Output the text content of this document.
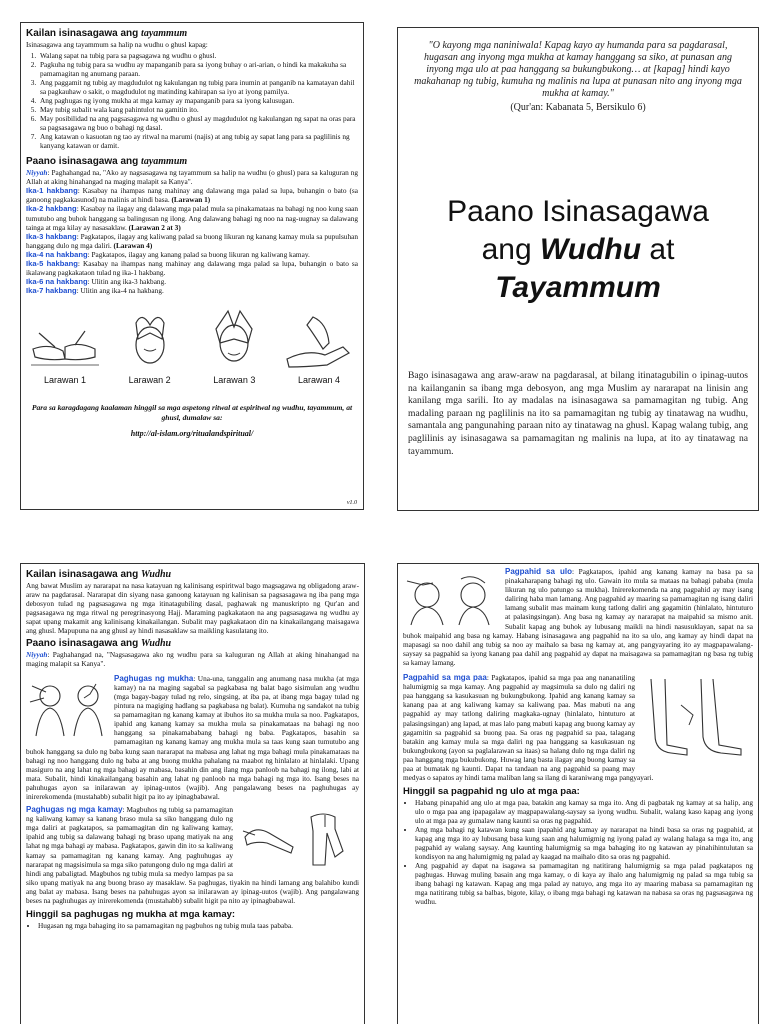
Kailan isinasagawa ang tayammum

Isinasagawa ang tayammum sa halip na wudhu o ghusl kapag:

1. Walang sapat na tubig para sa pagsagawa ng wudhu o ghusl.
2. Pagkuha ng tubig para sa wudhu ay mapanganib para sa iyong buhay o ari-arian, o hindi ka makakuha sa pamamagitan ng anumang paraan.
3. Ang paggamit ng tubig ay magdudulot ng kakulangan ng tubig para inumin at panganib na kamatayan dahil sa pagkauhaw o sakit, o magdudulot ng matinding kahirapan sa iyo at iyong pamilya.
4. Ang paghugas ng iyong mukha at mga kamay ay mapanganib para sa iyong kalusugan.
5. May tubig subalit wala kang pahintulot na gamitin ito.
6. May posibilidad na ang pagsasagawa ng wudhu o ghusl ay magdudulot ng kakulangan ng sapat na oras para sa pagsasagawa ng buo o bahagi ng dasal.
7. Ang katawan o kasuotan ng tao ay ritwal na marumi (najis) at ang tubig ay sapat lang para sa paglilinis ng kanyang katawan or damit.
Paano isinasagawa ang tayammum

Niyyah: Paghahangad na, "Ako ay nagsasagawa ng tayammum sa halip na wudhu (o ghusl) para sa kaluguran ng Allah at aking hinahangad na maging malapit sa Kanya".

Ika-1 hakbang: Kasabay na ihampas nang mahinay ang dalawang mga palad sa lupa, buhangin o bato (sa ganoong pagkakasunod) na malinis at hindi basa. (Larawan 1)

Ika-2 hakbang: Kasabay na ilagay ang dalawang mga palad mula sa pinakamataas na bahagi ng noo kung saan tumutubo ang buhok hanggang sa balingusan ng ilong. Ang dalawang bahagi ng noo na nag-uugnay sa dalawang tainga at mga kilay ay nasasaklaw. (Larawan 2 at 3)

Ika-3 hakbang: Pagkatapos, ilagay ang kaliwang palad sa buong likuran ng kanang kamay mula sa pupulsuhan hanggang dulo ng mga daliri. (Larawan 4)

Ika-4 na hakbang: Pagkatapos, ilagay ang kanang palad sa buong likuran ng kaliwang kamay.

Ika-5 hakbang: Kasabay na ihampas nang mahinay ang dalawang mga palad sa lupa, buhangin o bato sa ikalawang pagkakataon tulad ng ika-1 hakbang.

Ika-6 na hakbang: Ulitin ang ika-3 hakbang.

Ika-7 hakbang: Ulitin ang ika-4 na hakbang.

Larawan 1	Larawan 2	Larawan 3	Larawan 4
Para sa karagdagang kaalaman hinggil sa mga aspetong ritwal at espiritwal ng wudhu, tayammum, at ghusl, dumalaw sa:
http://al-islam.org/ritualandspiritual/
v1.0
"O kayong mga naniniwala! Kapag kayo ay humanda para sa pagdarasal, hugasan ang inyong mga mukha at kamay hanggang sa siko, at punasan ang inyong mga ulo at paa hanggang sa bukungbukong… at [kapag] hindi kayo makahanap ng tubig, kumuha ng malinis na lupa at punasan nito ang inyong mga mukha at kamay."
(Qur'an: Kabanata 5, Bersikulo 6)
Paano Isinasagawa
ang Wudhu at
Tayammum
Bago isinasagawa ang araw-araw na pagdarasal, at bilang itinatagubilin o ipinag-uutos na kailanganin sa ibang mga debosyon, ang mga Muslim ay nararapat na linisin ang kanilang mga sarili. Ito ay madalas na isinasagawa sa pamamagitan ng tubig. Ang madaling paraan ng paglilinis na ito sa pamamagitan ng tubig ay tinatawag na wudhu, samantala ang pangunahing paraan nito ay tinatawag na ghusl. Kapag walang tubig, ang paglilinis ay isinasagawa sa pamamagitan ng malinis na lupa, at ito ay tinatawag na tayammum.
Kailan isinasagawa ang Wudhu

Ang bawat Muslim ay nararapat na nasa katayuan ng kalinisang espiritwal bago magsagawa ng obligadong araw-araw na pagdarasal. Nararapat din siyang nasa ganoong katayuan ng kalinisan sa pagsasagawa ng iba pang mga debosyon tulad ng pagsasagawa ng mga itinatagubiling dasal, paghawak ng manuskripto ng Qur'an and pagsasagawa ng mga ritwal ng peregrinasyong Hajj. Maraming pagkakataon na ang pagsasagawa ng wudhu ay sapat upang makamit ang kalinisang kinakailangan. Subalit may pagkakataon din na kinakailangang maisagawa ang ghusl. Mapupuna na ang ghusl ay hindi nasasaklaw sa maikling kasulatang ito.

Paano isinasagawa ang Wudhu

Niyyah: Paghahangad na, "Nagsasagawa ako ng wudhu para sa kaluguran ng Allah at aking hinahangad na maging malapit sa Kanya".

Paghugas ng mukha: Una-una, tanggalin ang anumang nasa mukha (at mga kamay) na na maging sagabal sa pagkabasa ng balat bago sisimulan ang wudhu (mga bagay-bagay tulad ng relo, singsing, at iba pa, at ibang mga bagay tulad ng pintura na magiging hadlang sa pagkabasa ng balat). Kumuha ng sandakot na tubig sa pamamagitan ng kanang kamay at ibuhos ito sa mukha mula sa noo. Pagkatapos, ipahid ang kanang kamay sa mukha mula sa pinakamataas na bahagi ng noo hanggang sa pinakamababang bahagi ng baba. Pagkatapos, basahin sa pamamagitan ng kanang kamay ang mukha mula sa taas kung saan tumutubo ang buhok hanggang sa dulo ng baba kung saan nararapat na mabasa ang lahat ng mga bahagi mula pinakamataas na bahagi ng noo hanggang dulo ng baba at ang buong mukha pahalang na maabot ng hinlalato at hinlalaki. Upang masiguro na ang lahat ng mga bahagi ay mabasa, basahin din ang ilang mga panloob na bahagi ng ilong, labi at mata. Subalit, hindi kinakailangang basahin ang lahat ng panloob na mga bahagi ng mga ito. Isang beses na pahuhugas ayon sa inilarawan ay ipinag-uutos (wajib). Ang pangalawang beses na paghuhugas ay inirerekomenda (mustahabb) subalit higit pa ito ay ipinagbabawal.

Paghugas ng mga kamay: Magbuhos ng tubig sa pamamagitan ng kaliwang kamay sa kanang braso mula sa siko hanggang dulo ng mga daliri at pagkatapos, sa pamamagitan din ng kaliwang kamay, ipahid ang tubig sa dalawang bahagi ng braso upang matiyak na ang lahat ng mga bahagi ay mabasa. Pagkatapos, gawin din ito sa kaliwang kamay sa pamamagitan ng kanang kamay. Ang paghuhugas ay nararapat ng magsisimula sa mga siko patungong dulo ng mga daliri at hindi ang pabaligtad. Magbuhos ng tubig mula sa medyo lampas pa sa siko upang matiyak na ang buong braso ay masaklaw. Sa paghugas, tiyakin na hindi lamang ang balahibo kundi ang balat ay mabasa. Isang beses na pahuhugas ayon sa inilarawan ay ipinag-uutos (wajib). Ang pangalawang beses na paghuhugas ay inirerekomenda (mustahabb) subalit higit pa nito ay ipinagbabawal.

Hinggil sa paghugas ng mukha at mga kamay:
• Hugasan ng mga bahaging ito sa pamamagitan ng pagbuhos ng tubig mula taas pababa.

Pagpahid sa ulo: Pagkatapos, ipahid ang kanang kamay na basa pa sa pinakaharapang bahagi ng ulo. Gawain ito mula sa mataas na bahagi pababa (mula likuran ng ulo patungo sa mukha). Inirerekomenda na ang pagpahid ay may isang daliring haba man lamang. Ang pagpahid ay maaring sa pamamagitan ng isang daliri lamang subalit mas mainam kung tatlong daliri ang gagamitin (hinlalato, hintuturo at palasingsingan). Ang basa ng kamay ay nararapat na maipahid sa mismo anit. Subalit kapag ang buhok ay lubusang maikli na hindi nasusuklayan, sapat na sa buhok maipahid ang basa ng kamay. Habang isinasagawa ang pagpahid na ito sa ulo, ang kamay ay hindi dapat na mapasagi sa noo dahil ang tubig sa noo ay maihalo sa basa ng kamay at, ang pangyayaring ito ay magpapawalang-saysay sa pagpahid sa iyong kanang paa dahil ang pagpahid ay dapat na maisagawa sa pamamagitan ng basa ng tubig sa kamay lamang.

Pagpahid sa mga paa: Pagkatapos, ipahid sa mga paa ang nananatiling halumigmig sa mga kamay. Ang pagpahid ay magsimula sa dulo ng daliri ng paa hanggang sa kasukasuan ng bukungbukong. Ipahid ang kanang kamay sa kanang paa at ang kaliwang kamay sa kaliwang paa. Mas mabuti na ang pagpahid ay may tatlong daliring magkaka-ugnay (hinlalato, hintuturo at palasingsingan) ang lapad, at mas lalo pang mabuti kapag ang buong kamay ay gagamitin sa pagpahid sa buong paa. Sa oras ng pagpahid sa paa, talagang batakin ang kamay mula sa mga daliri ng paa hanggang sa kasukasuan ng bukungbukong (ayon sa paglalarawan sa itaas) sa halang dulo ng mga daliri ng paa hanggang mga bukubukong. Huwag lang basta ilagay ang buong kamay sa paa at bumatak ng kaunti. Dapat na tandaan na ang pagpahid sa paang may medyas o sapatos ay hindi tama maliban lang sa ilang di karaniwang mga pangyayari.

Hinggil sa pagpahid ng ulo at mga paa:
• Habang pinapahid ang ulo at mga paa, batakin ang kamay sa mga ito. Ang di pagbatak ng kamay at sa halip, ang ulo o mga paa ang ipapagalaw ay magpapawalang-saysay sa iyong wudhu. Subalit, walang kaso kapag ang iyong ulo at mga paa ay gumalaw nang kaunti sa oras ng pagpahid.
• Ang mga bahagi ng katawan kung saan ipapahid ang kamay ay nararapat na hindi basa sa oras ng pagpahid, at kapag ang mga ito ay lubusang basa kung saan ang halumigmig ng iyong palad ay walang halaga sa mga ito, ang pagpahid ay walang saysay. Ang kaunting halumigmig sa mga bahaging ito ng katawan ay pinahihintulutan sa kondisyon na ang halumigmig ng palad ay kaagad na maihalo dito sa oras ng pagpahid.
• Ang pagpahid ay dapat na isagawa sa pamamagitan ng natitirang halumigmig sa mga palad pagkatapos ng paghugas. Huwag muling basain ang mga kamay, o di kaya ay ihalo ang halumigmig ng palad sa mga tubig sa ibang bahagi ng katawan. Kapag ang mga palad ay natuyo, ang mga ito ay maaring mabasa sa pamamagitan ng mga natitirang tubig sa balbas, bigote, kilay, o ibang mga bahagi ng katawan na nabasa sa oras ng pagsasagawa ng wudhu.
